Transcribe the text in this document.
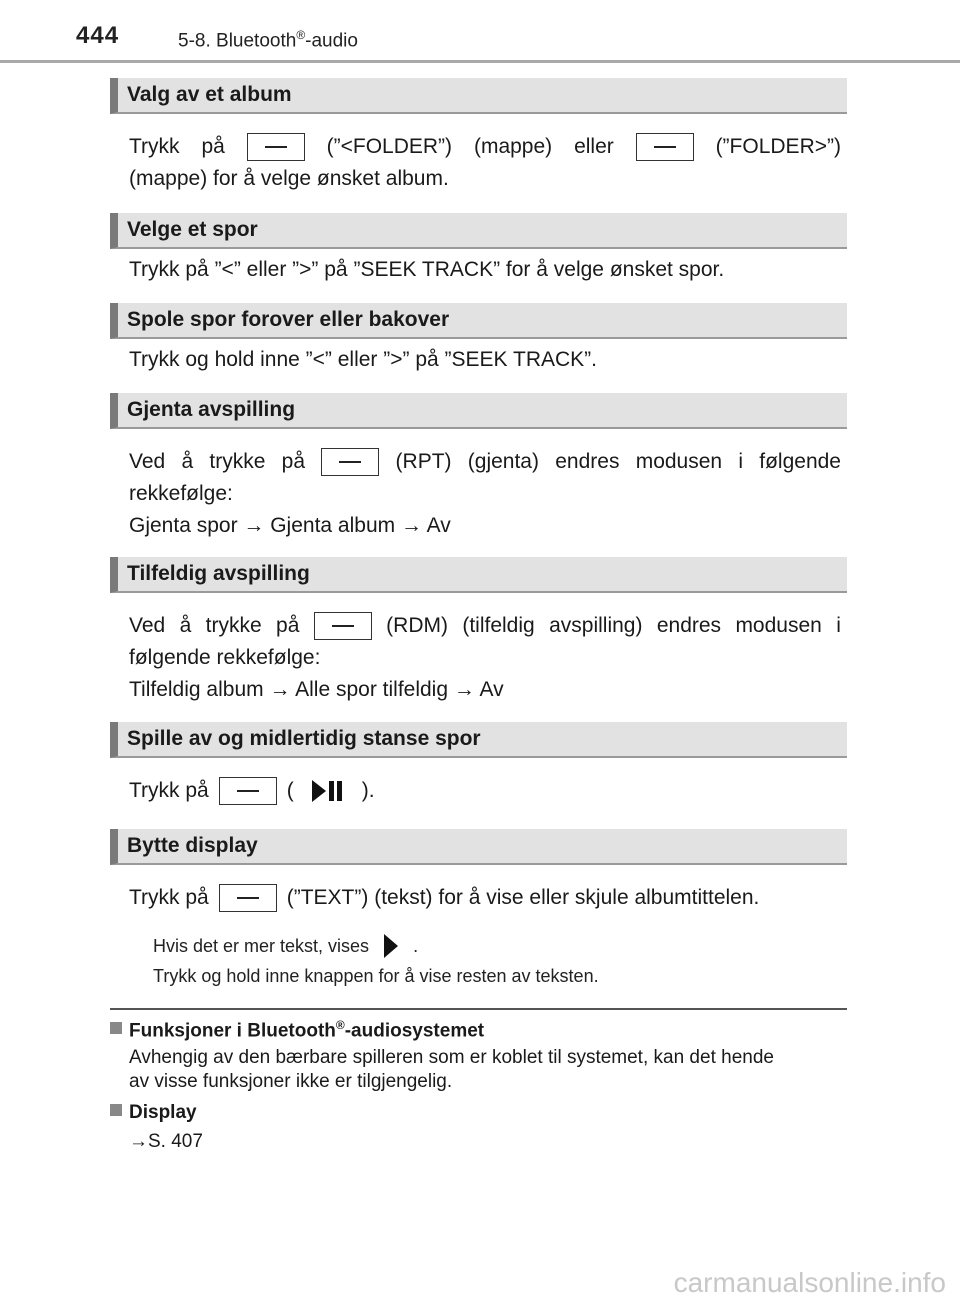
444	5-8. Bluetooth®-audio
Valg av et album
Trykk på	(”<FOLDER”) (mappe) eller	(”FOLDER>”)
(mappe) for å velge ønsket album.
Velge et spor
Trykk på ”<” eller ”>” på ”SEEK TRACK” for å velge ønsket spor.
Spole spor forover eller bakover
Trykk og hold inne ”<” eller ”>” på ”SEEK TRACK”.
Gjenta avspilling
Ved å trykke på	(RPT) (gjenta) endres modusen i følgende
rekkefølge:
Gjenta spor → Gjenta album → Av
Tilfeldig avspilling
Ved å trykke på	(RDM) (tilfeldig avspilling) endres modusen i
følgende rekkefølge:
Tilfeldig album → Alle spor tilfeldig → Av
Spille av og midlertidig stanse spor
Trykk på	(	).
Bytte display
Trykk på	(”TEXT”) (tekst) for å vise eller skjule albumtittelen.
Hvis det er mer tekst, vises .
Trykk og hold inne knappen for å vise resten av teksten.
Funksjoner i Bluetooth®-audiosystemet
Avhengig av den bærbare spilleren som er koblet til systemet, kan det hende
av visse funksjoner ikke er tilgjengelig.
Display
→S. 407
carmanualsonline.info
